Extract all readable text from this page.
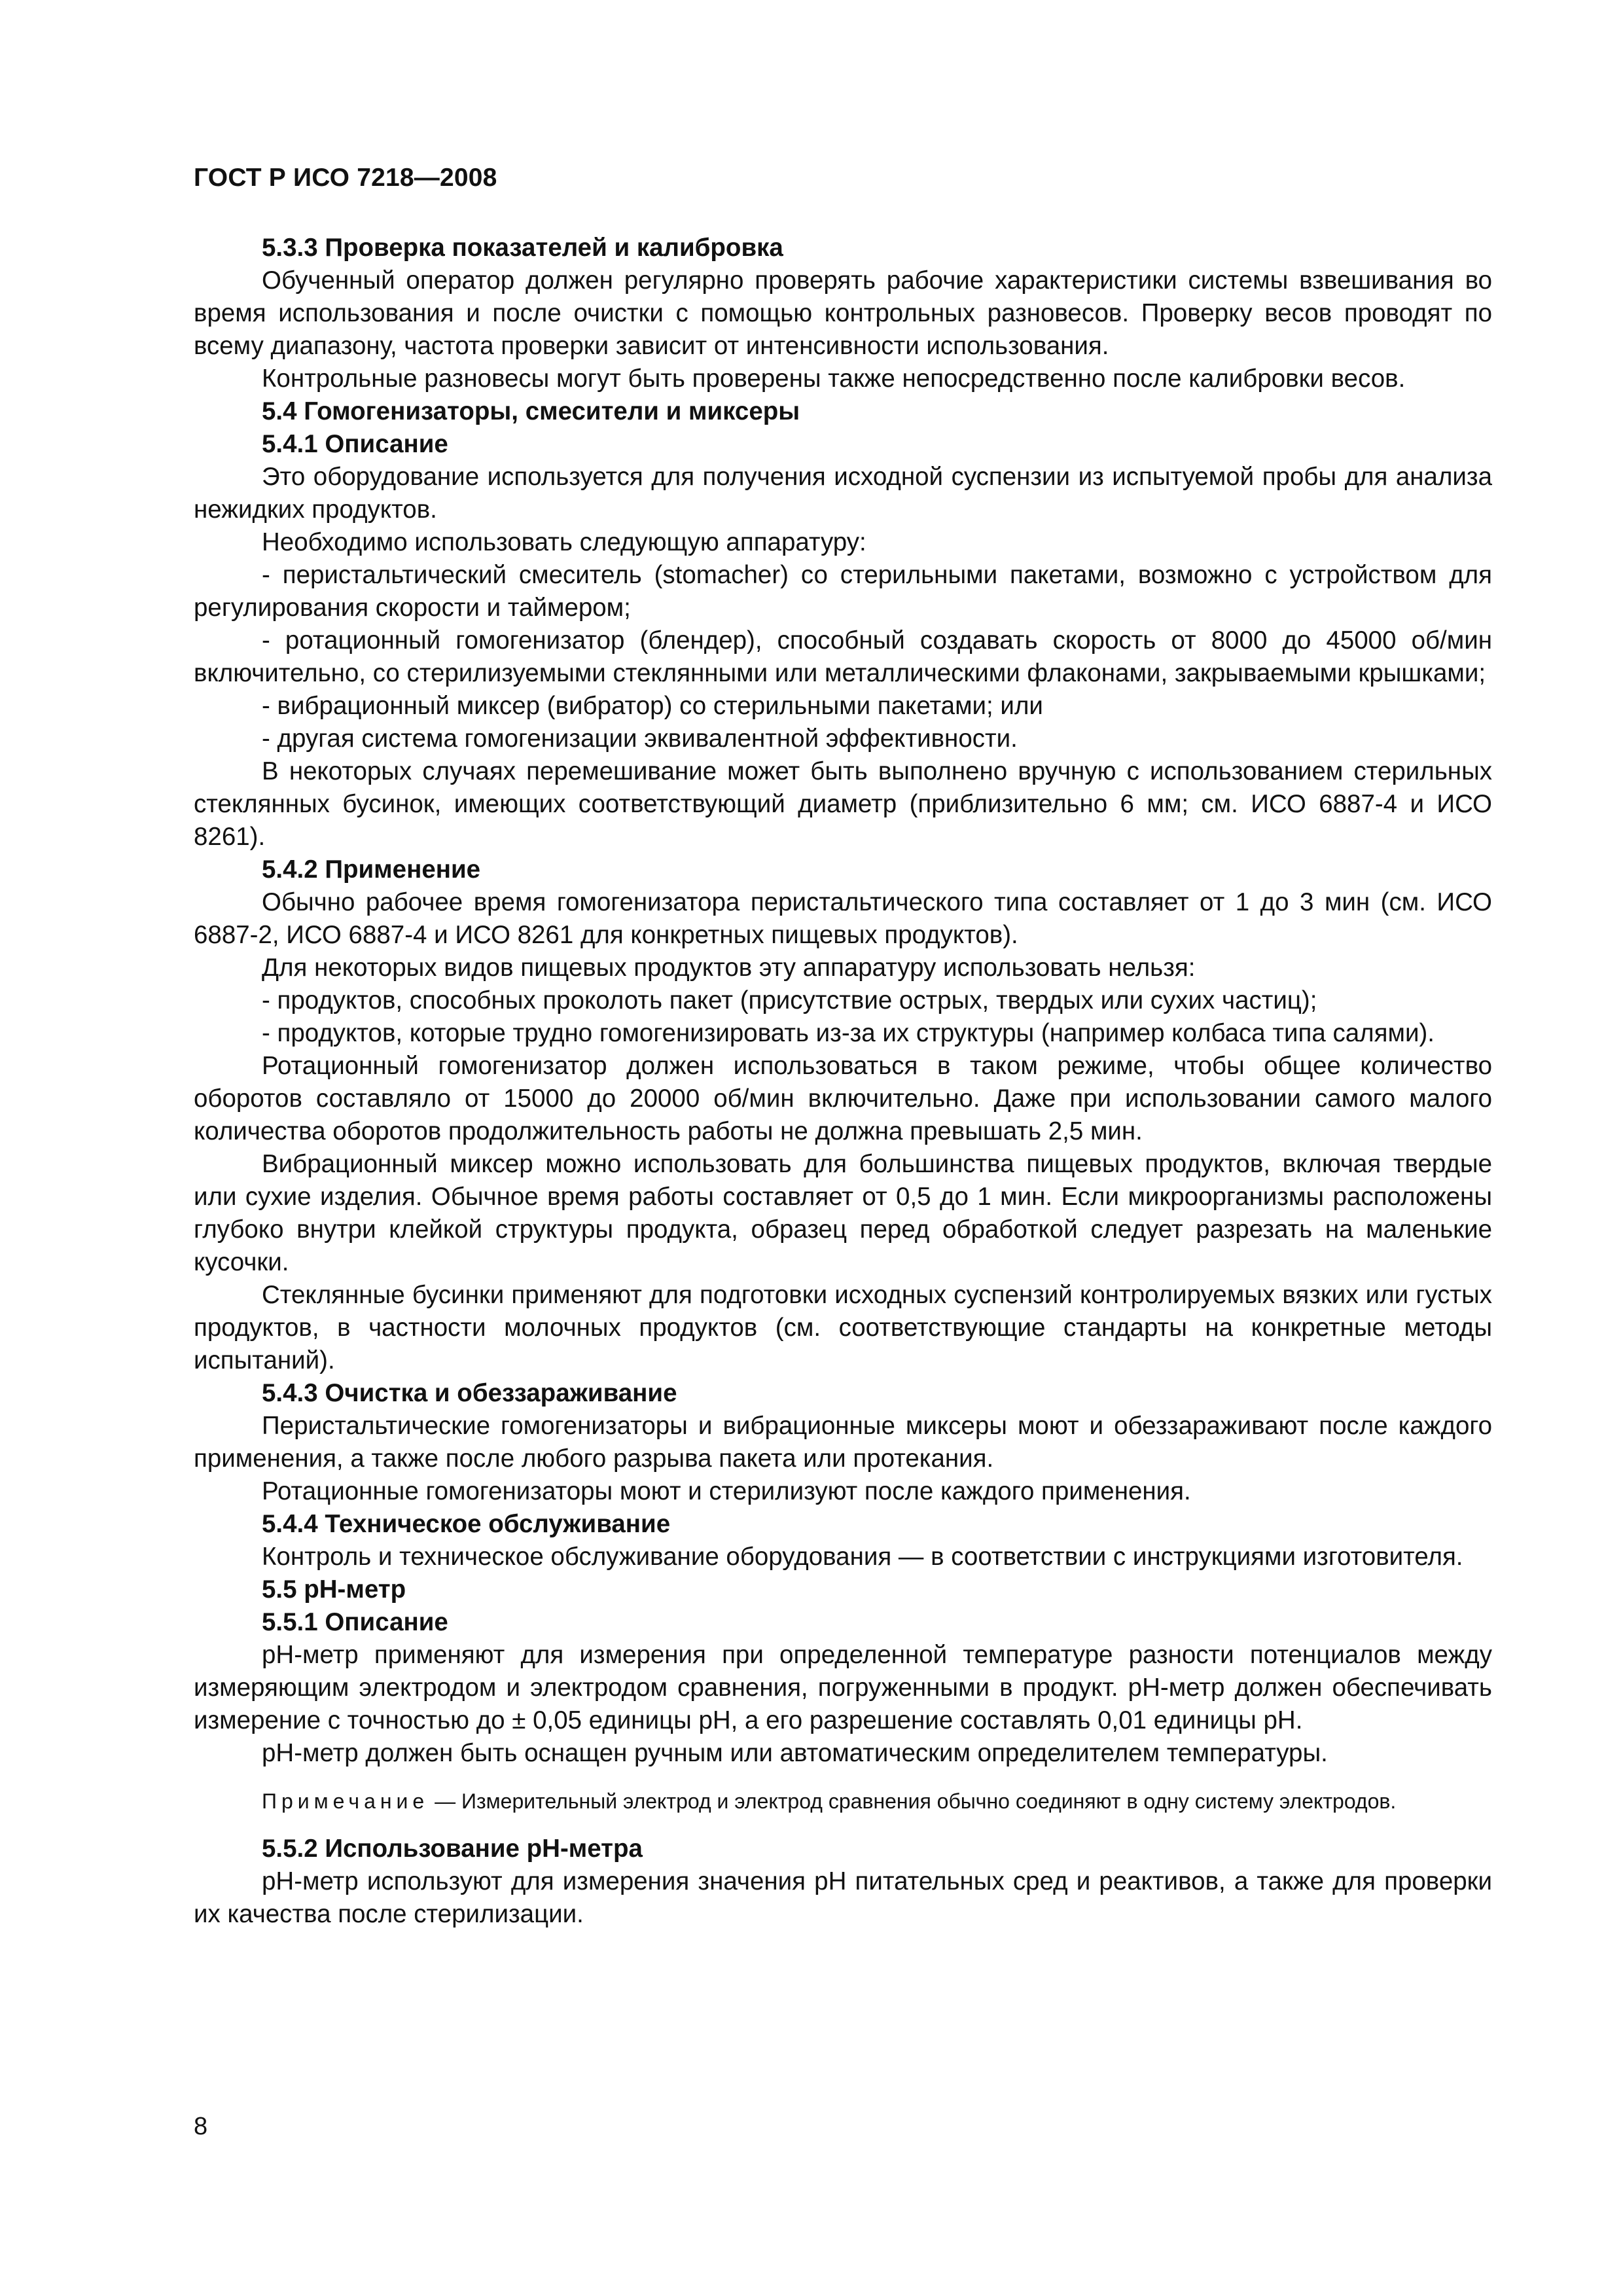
ГОСТ Р ИСО 7218—2008

5.3.3 Проверка показателей и калибровка

Обученный оператор должен регулярно проверять рабочие характеристики системы взвешивания во время использования и после очистки с помощью контрольных разновесов. Проверку весов проводят по всему диапазону, частота проверки зависит от интенсивности использования.

Контрольные разновесы могут быть проверены также непосредственно после калибровки весов.

5.4 Гомогенизаторы, смесители и миксеры

5.4.1 Описание

Это оборудование используется для получения исходной суспензии из испытуемой пробы для анализа нежидких продуктов.

Необходимо использовать следующую аппаратуру:

- перистальтический смеситель (stomacher) со стерильными пакетами, возможно с устройством для регулирования скорости и таймером;

- ротационный гомогенизатор (блендер), способный создавать скорость от 8000 до 45000 об/мин включительно, со стерилизуемыми стеклянными или металлическими флаконами, закрываемыми крышками;

- вибрационный миксер (вибратор) со стерильными пакетами; или

- другая система гомогенизации эквивалентной эффективности.

В некоторых случаях перемешивание может быть выполнено вручную с использованием стерильных стеклянных бусинок, имеющих соответствующий диаметр (приблизительно 6 мм; см. ИСО 6887-4 и ИСО 8261).

5.4.2 Применение

Обычно рабочее время гомогенизатора перистальтического типа составляет от 1 до 3 мин (см. ИСО 6887-2, ИСО 6887-4 и ИСО 8261 для конкретных пищевых продуктов).

Для некоторых видов пищевых продуктов эту аппаратуру использовать нельзя:

- продуктов, способных проколоть пакет (присутствие острых, твердых или сухих частиц);

- продуктов, которые трудно гомогенизировать из-за их структуры (например колбаса типа салями).

Ротационный гомогенизатор должен использоваться в таком режиме, чтобы общее количество оборотов составляло от 15000 до 20000 об/мин включительно. Даже при использовании самого малого количества оборотов продолжительность работы не должна превышать 2,5 мин.

Вибрационный миксер можно использовать для большинства пищевых продуктов, включая твердые или сухие изделия. Обычное время работы составляет от 0,5 до 1 мин. Если микроорганизмы расположены глубоко внутри клейкой структуры продукта, образец перед обработкой следует разрезать на маленькие кусочки.

Стеклянные бусинки применяют для подготовки исходных суспензий контролируемых вязких или густых продуктов, в частности молочных продуктов (см. соответствующие стандарты на конкретные методы испытаний).

5.4.3 Очистка и обеззараживание

Перистальтические гомогенизаторы и вибрационные миксеры моют и обеззараживают после каждого применения, а также после любого разрыва пакета или протекания.

Ротационные гомогенизаторы моют и стерилизуют после каждого применения.

5.4.4 Техническое обслуживание

Контроль и техническое обслуживание оборудования — в соответствии с инструкциями изготовителя.

5.5 pH-метр

5.5.1 Описание

pH-метр применяют для измерения при определенной температуре разности потенциалов между измеряющим электродом и электродом сравнения, погруженными в продукт. pH-метр должен обеспечивать измерение с точностью до ± 0,05 единицы pH, а его разрешение составлять 0,01 единицы pH.

pH-метр должен быть оснащен ручным или автоматическим определителем температуры.

Примечание — Измерительный электрод и электрод сравнения обычно соединяют в одну систему электродов.

5.5.2 Использование pH-метра

pH-метр используют для измерения значения pH питательных сред и реактивов, а также для проверки их качества после стерилизации.

8
